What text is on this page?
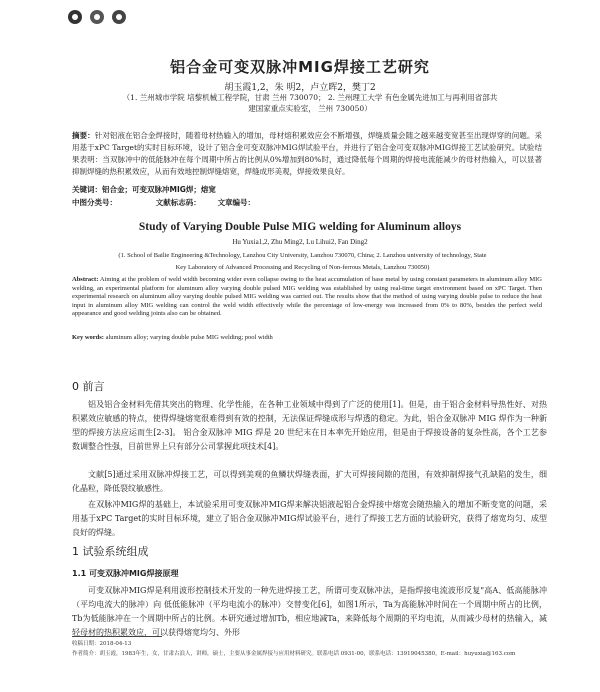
铝合金可变双脉冲MIG焊接工艺研究
胡玉霞1,2，朱 明2，卢立晖2，樊丁2
（1. 兰州城市学院 培黎机械工程学院，甘肃 兰州 730070； 2. 兰州理工大学 有色金属先进加工与再利用省部共
建国家重点实验室， 兰州 730050）
摘要：针对铝液在铝合金焊接时，随着母材热输入的增加，母材熔积累效应会不断增强，焊缝质量会随之越来越变宽甚至出现焊穿的问题。采用基于xPC Target的实时目标环境，设计了铝合金可变双脉冲MIG焊试验平台，并进行了铝合金可变双脉冲MIG焊接工艺试验研究。试验结果表明：当双脉冲中的低能脉冲在每个周期中所占的比例从0%增加到80%时，通过降低每个周期的焊接电流能减少的母材热输入，可以显著抑制焊缝的热积累效应，从而有效地控制焊缝熔宽，焊缝成形美观，焊接效果良好。
关键词：铝合金；可变双脉冲MIG焊；熔宽
中图分类号：	文献标志码： 文章编号：
Study of Varying Double Pulse MIG welding for Aluminum alloys
Hu Yuxia1,2, Zhu Ming2, Lu Lihui2, Fan Ding2
(1. School of Bailie Engineering &Technology, Lanzhou City University, Lanzhou 730070, China; 2. Lanzhou university of technology, State
Key Laboratory of Advanced Processing and Recycling of Non-ferrous Metals, Lanzhou 730050)
Abstract: Aiming at the problem of weld width becoming wider even collapse owing to the heat accumulation of base metal by using constant parameters in aluminum alloy MIG welding, an experimental platform for aluminum alloy varying double pulsed MIG welding was established by using real-time target environment based on xPC Target. Then experimental research on aluminum alloy varying double pulsed MIG welding was carried out. The results show that the method of using varying double pulse to reduce the heat input in aluminum alloy MIG welding can control the weld width effectively while the percentage of low-energy was increased from 0% to 80%, besides the perfect weld appearance and good welding joints also can be obtained.
Key words: aluminum alloy; varying double pulse MIG welding; pool width
0 前言
铝及铝合金材料先借其突出的物理、化学性能，在各种工业领域中得到了广泛的使用[1]。但是，由于铝合金材料导热性好、对热积累效应敏感的特点，使得焊缝熔宽很难得到有效的控制，无法保证焊缝成形与焊透的稳定。为此，铝合金双脉冲 MIG 焊作为一种新型的焊接方法应运而生[2-3]。 铝合金双脉冲 MIG 焊是 20 世纪末在日本率先开始应用，但是由于焊接设备的复杂性高，各个工艺参数调整合性强，目前世界上只有部分公司掌握此项技术[4]。
文献[5]通过采用双脉冲焊接工艺，可以得到美观的鱼鳞状焊缝表面，扩大可焊接间隙的范围，有效抑制焊接气孔缺陷的发生，细化晶粒，降低裂纹敏感性。
在双脉冲MIG焊的基础上，本试验采用可变双脉冲MIG焊来解决铝液起铝合金焊接中熔宽会随热输入的增加不断变宽的问题，采用基于xPC Target的实时目标环境，建立了铝合金双脉冲MIG焊试验平台，进行了焊接工艺方面的试验研究，获得了熔宽均匀、成型良好的焊缝。
1 试验系统组成
1.1 可变双脉冲MIG焊接原理
可变双脉冲MIG焊是利用波形控制技术开发的一种先进焊接工艺，所谓可变双脉冲法，是指焊接电流波形反复"高A、低高能脉冲（平均电流大的脉冲）向 低低能脉冲（平均电流小的脉冲）交替变化[6]，如图1所示，Ta为高能脉冲时间在一个周期中所占的比例，Tb为低能脉冲在一个周期中所占的比例。本研究通过增加Tb，相应地减Ta，来降低每个周期的平均电流，从而减少母材的热输入，减轻母材的热积累效应，可以获得熔宽均匀、外形
收稿日期：2018-04-13
作者简介：胡玉霞，1983年生，女，甘肃古浪人，讲师，硕士，主要从事金属焊接与应用材料研究。联系电话 0931-00，联系电话：13919045380，E-mail：huyuxia@163.com
